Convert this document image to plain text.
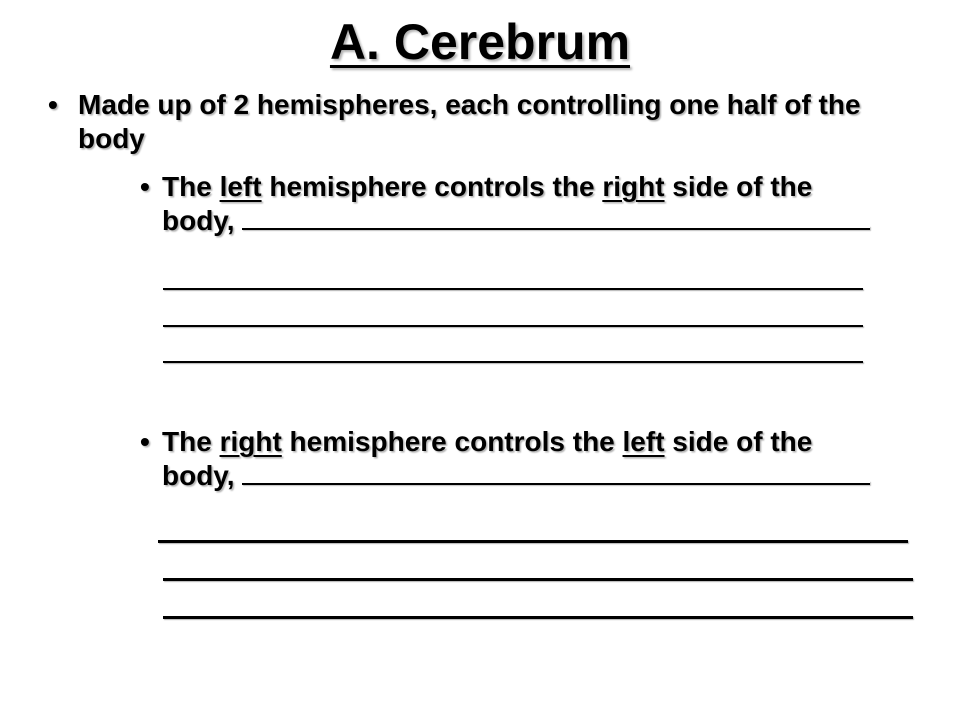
A. Cerebrum
• Made up of 2 hemispheres, each controlling one half of the body
• The left hemisphere controls the right side of the body,
• The right hemisphere controls the left side of the body,
